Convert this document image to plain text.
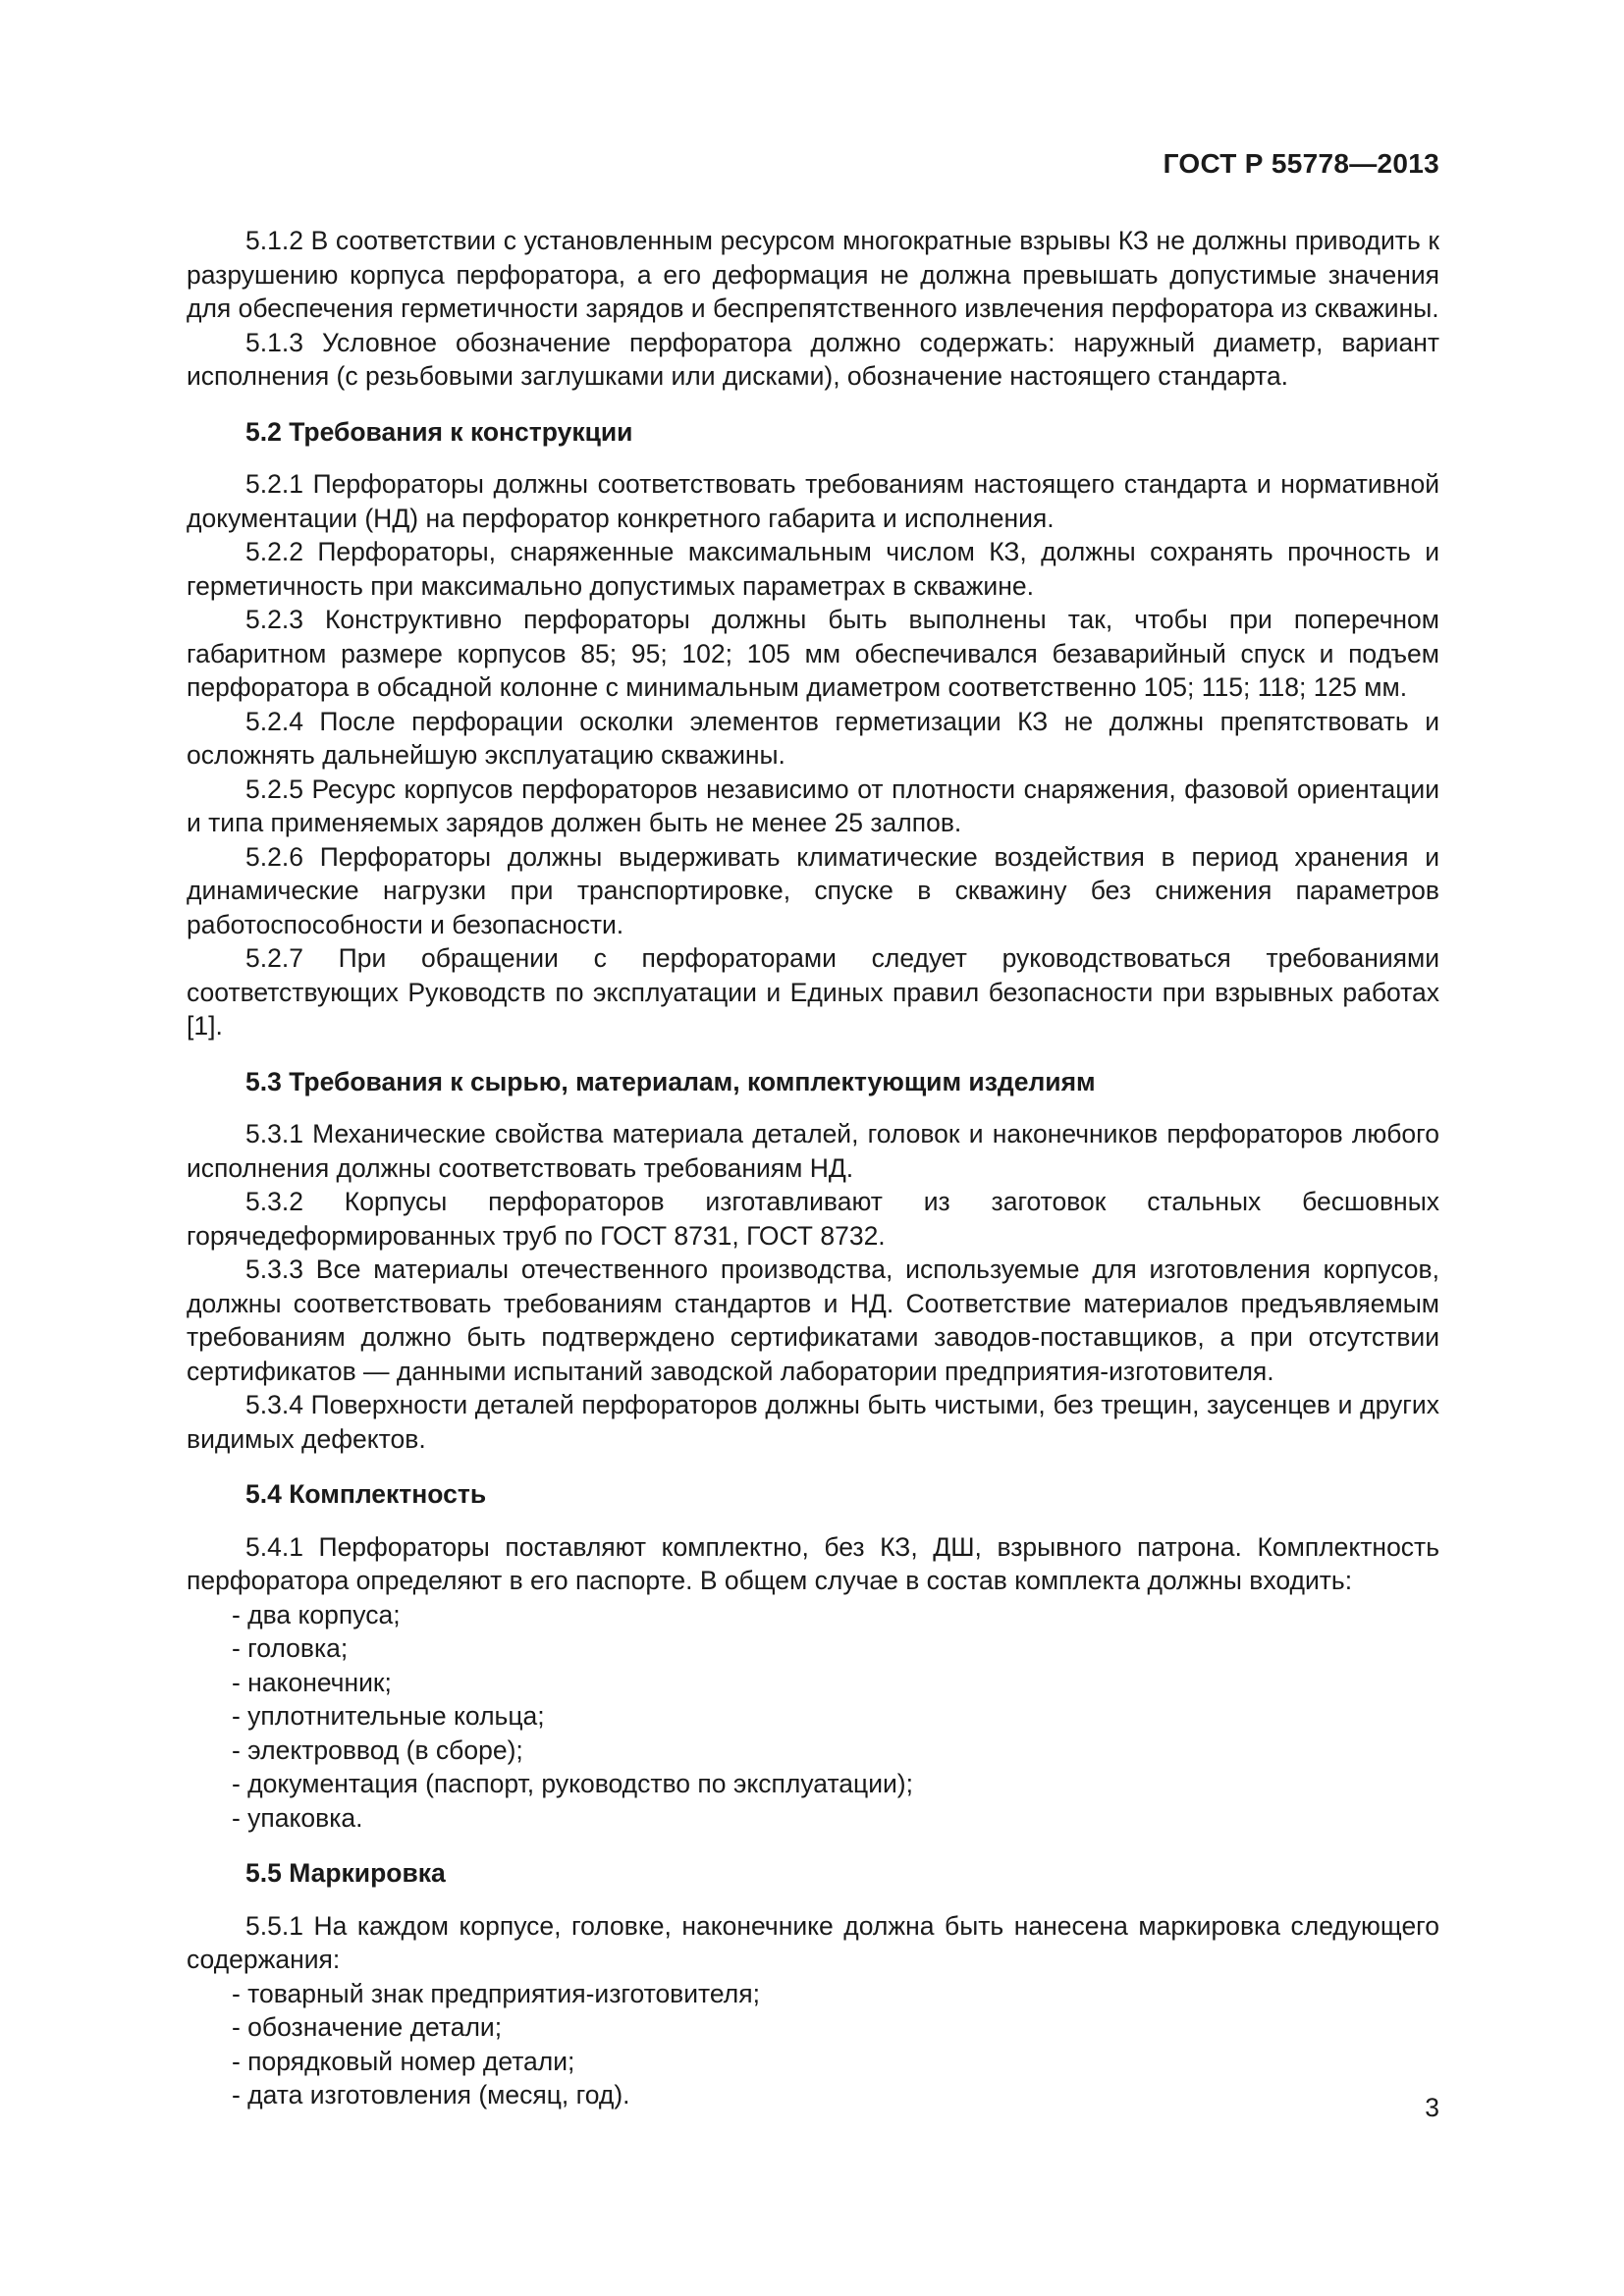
ГОСТ Р 55778—2013

5.1.2 В соответствии с установленным ресурсом многократные взрывы КЗ не должны приводить к разрушению корпуса перфоратора, а его деформация не должна превышать допустимые значения для обеспечения герметичности зарядов и беспрепятственного извлечения перфоратора из скважины.

5.1.3 Условное обозначение перфоратора должно содержать: наружный диаметр, вариант исполнения (с резьбовыми заглушками или дисками), обозначение настоящего стандарта.

5.2 Требования к конструкции

5.2.1 Перфораторы должны соответствовать требованиям настоящего стандарта и нормативной документации (НД) на перфоратор конкретного габарита и исполнения.

5.2.2 Перфораторы, снаряженные максимальным числом КЗ, должны сохранять прочность и герметичность при максимально допустимых параметрах в скважине.

5.2.3 Конструктивно перфораторы должны быть выполнены так, чтобы при поперечном габаритном размере корпусов 85; 95; 102; 105 мм обеспечивался безаварийный спуск и подъем перфоратора в обсадной колонне с минимальным диаметром соответственно 105; 115; 118; 125 мм.

5.2.4 После перфорации осколки элементов герметизации КЗ не должны препятствовать и осложнять дальнейшую эксплуатацию скважины.

5.2.5 Ресурс корпусов перфораторов независимо от плотности снаряжения, фазовой ориентации и типа применяемых зарядов должен быть не менее 25 залпов.

5.2.6 Перфораторы должны выдерживать климатические воздействия в период хранения и динамические нагрузки при транспортировке, спуске в скважину без снижения параметров работоспособности и безопасности.

5.2.7 При обращении с перфораторами следует руководствоваться требованиями соответствующих Руководств по эксплуатации и Единых правил безопасности при взрывных работах [1].

5.3 Требования к сырью, материалам, комплектующим изделиям

5.3.1 Механические свойства материала деталей, головок и наконечников перфораторов любого исполнения должны соответствовать требованиям НД.

5.3.2 Корпусы перфораторов изготавливают из заготовок стальных бесшовных горячедеформированных труб по ГОСТ 8731, ГОСТ 8732.

5.3.3 Все материалы отечественного производства, используемые для изготовления корпусов, должны соответствовать требованиям стандартов и НД. Соответствие материалов предъявляемым требованиям должно быть подтверждено сертификатами заводов-поставщиков, а при отсутствии сертификатов — данными испытаний заводской лаборатории предприятия-изготовителя.

5.3.4 Поверхности деталей перфораторов должны быть чистыми, без трещин, заусенцев и других видимых дефектов.

5.4 Комплектность

5.4.1 Перфораторы поставляют комплектно, без КЗ, ДШ, взрывного патрона. Комплектность перфоратора определяют в его паспорте. В общем случае в состав комплекта должны входить:

- два корпуса;
- головка;
- наконечник;
- уплотнительные кольца;
- электроввод (в сборе);
- документация (паспорт, руководство по эксплуатации);
- упаковка.
5.5 Маркировка

5.5.1 На каждом корпусе, головке, наконечнике должна быть нанесена маркировка следующего содержания:

- товарный знак предприятия-изготовителя;
- обозначение детали;
- порядковый номер детали;
- дата изготовления (месяц, год).	3
